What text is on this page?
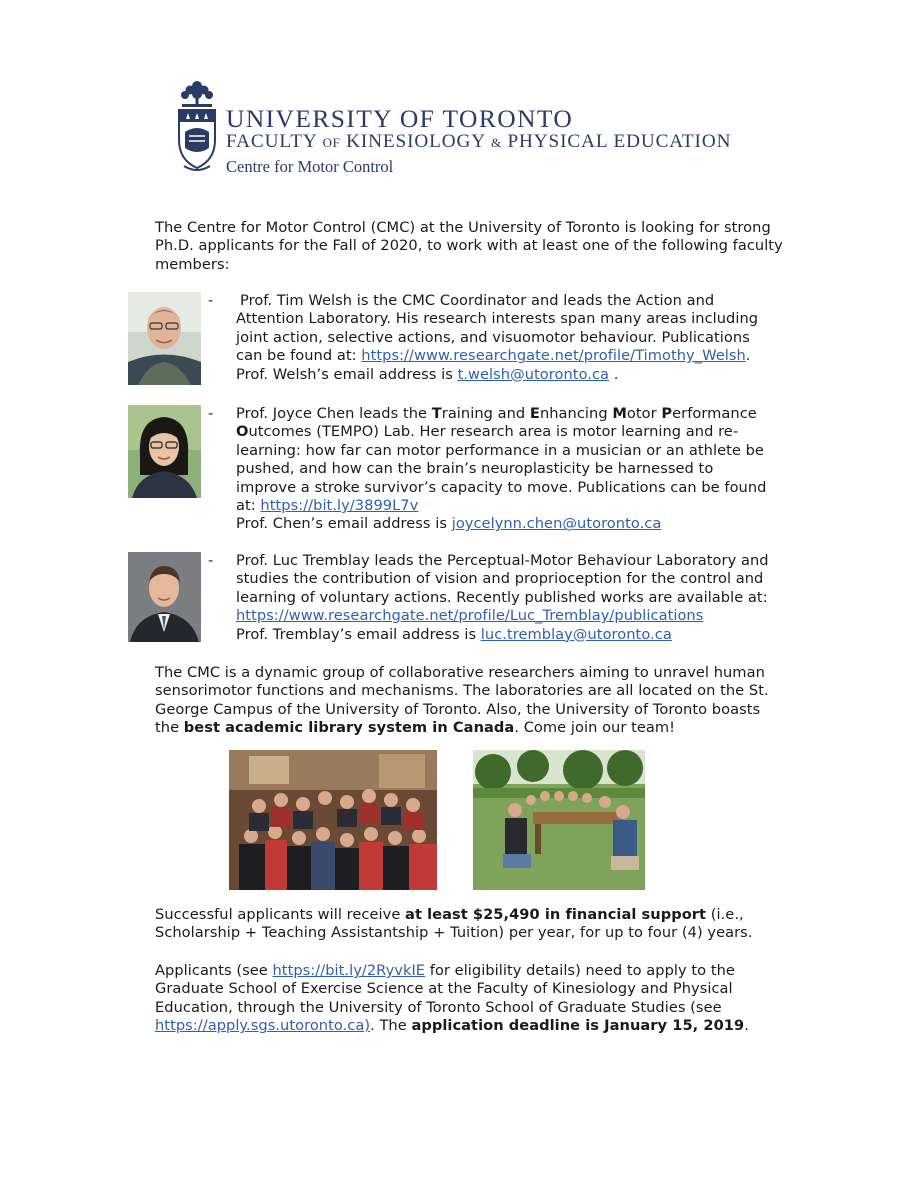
UNIVERSITY OF TORONTO
FACULTY OF KINESIOLOGY & PHYSICAL EDUCATION
Centre for Motor Control
The Centre for Motor Control (CMC) at the University of Toronto is looking for strong Ph.D. applicants for the Fall of 2020, to work with at least one of the following faculty members:
- Prof. Tim Welsh is the CMC Coordinator and leads the Action and Attention Laboratory. His research interests span many areas including joint action, selective actions, and visuomotor behaviour. Publications can be found at: https://www.researchgate.net/profile/Timothy_Welsh.
Prof. Welsh’s email address is t.welsh@utoronto.ca .
- Prof. Joyce Chen leads the Training and Enhancing Motor Performance Outcomes (TEMPO) Lab. Her research area is motor learning and re-learning: how far can motor performance in a musician or an athlete be pushed, and how can the brain’s neuroplasticity be harnessed to improve a stroke survivor’s capacity to move. Publications can be found at: https://bit.ly/3899L7v
Prof. Chen’s email address is joycelynn.chen@utoronto.ca
- Prof. Luc Tremblay leads the Perceptual-Motor Behaviour Laboratory and studies the contribution of vision and proprioception for the control and learning of voluntary actions. Recently published works are available at: https://www.researchgate.net/profile/Luc_Tremblay/publications
Prof. Tremblay’s email address is luc.tremblay@utoronto.ca
The CMC is a dynamic group of collaborative researchers aiming to unravel human sensorimotor functions and mechanisms. The laboratories are all located on the St. George Campus of the University of Toronto. Also, the University of Toronto boasts the best academic library system in Canada. Come join our team!
Successful applicants will receive at least $25,490 in financial support (i.e., Scholarship + Teaching Assistantship + Tuition) per year, for up to four (4) years.
Applicants (see https://bit.ly/2RyvkIE for eligibility details) need to apply to the Graduate School of Exercise Science at the Faculty of Kinesiology and Physical Education, through the University of Toronto School of Graduate Studies (see https://apply.sgs.utoronto.ca). The application deadline is January 15, 2019.
